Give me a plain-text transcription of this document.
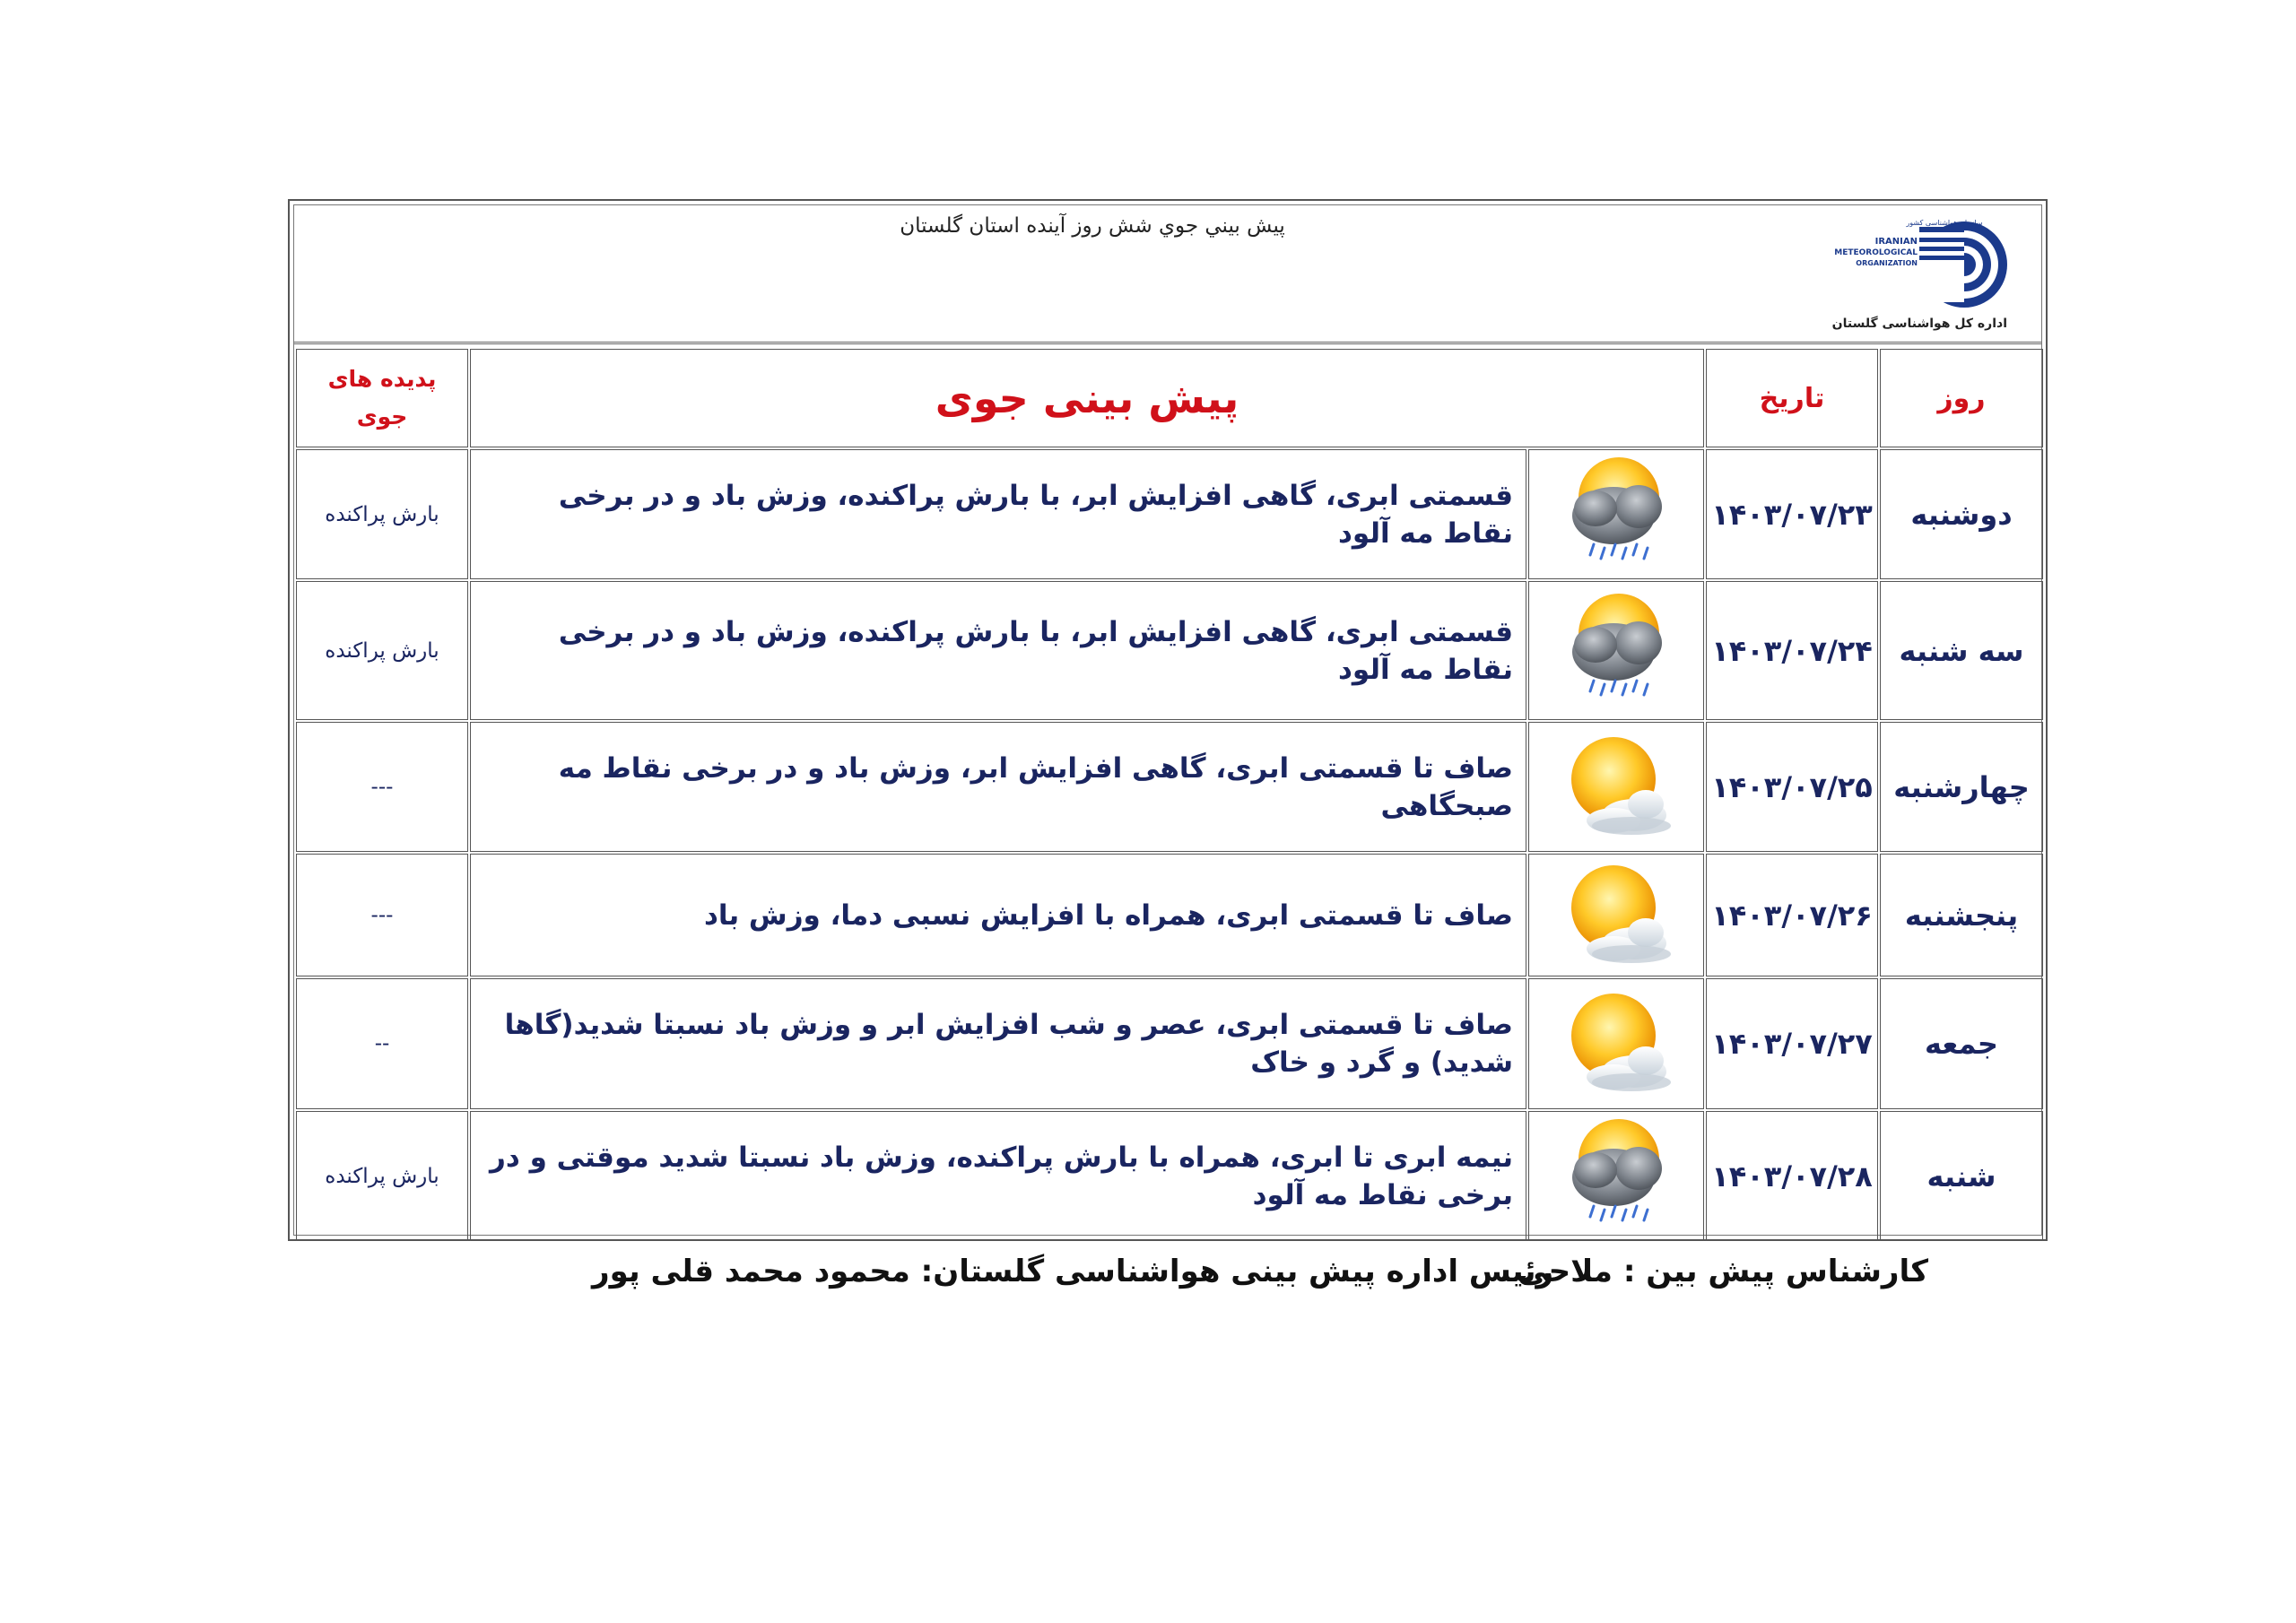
پيش بيني جوي شش روز آينده استان گلستان	سازمان هواشناسی کشور
IRANIAN
METEOROLOGICAL
ORGANIZATION
اداره کل هواشناسی گلستان
روز	تاریخ	پیش بینی جوی		پدیده های
جوی

دوشنبه	۱۴۰۳/۰۷/۲۳		قسمتی ابری، گاهی افزایش ابر، با بارش پراکنده، وزش باد و در برخی نقاط مه آلود	بارش پراکنده
سه شنبه	۱۴۰۳/۰۷/۲۴		قسمتی ابری، گاهی افزایش ابر، با بارش پراکنده، وزش باد و در برخی نقاط مه آلود	بارش پراکنده
چهارشنبه	۱۴۰۳/۰۷/۲۵		صاف تا قسمتی ابری، گاهی افزایش ابر، وزش باد و در برخی نقاط مه صبحگاهی	---
پنجشنبه	۱۴۰۳/۰۷/۲۶		صاف تا قسمتی ابری، همراه با افزایش نسبی دما، وزش باد	---
جمعه	۱۴۰۳/۰۷/۲۷		صاف تا قسمتی ابری، عصر و شب افزایش ابر و وزش باد نسبتا شدید(گاها شدید) و گرد و خاک	--
شنبه	۱۴۰۳/۰۷/۲۸		نیمه ابری تا ابری، همراه با بارش پراکنده، وزش باد نسبتا شدید موقتی و در برخی نقاط مه آلود	بارش پراکنده
کارشناس پیش بین : ملاحی
رئیس اداره پیش بینی هواشناسی گلستان: محمود محمد قلی پور
